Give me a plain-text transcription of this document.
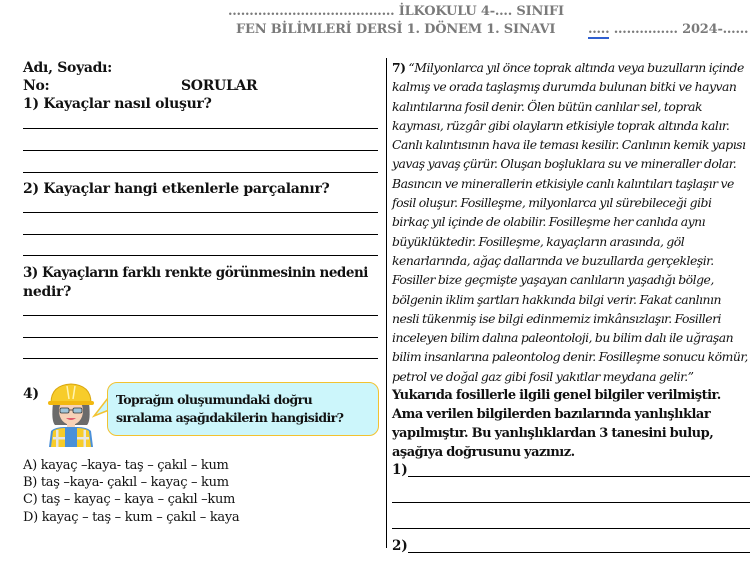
………………………………… İLKOKULU 4-…. SINIFI
FEN BİLİMLERİ DERSİ 1. DÖNEM 1. SINAVI	….. …………… 2024-……
Adı, Soyadı:
No:	SORULAR
1) Kayaçlar nasıl oluşur?
2) Kayaçlar hangi etkenlerle parçalanır?
3) Kayaçların farklı renkte görünmesinin nedeni
nedir?
4)	Toprağın oluşumundaki doğru
sıralama aşağıdakilerin hangisidir?
A) kayaç –kaya- taş – çakıl – kum
B) taş –kaya- çakıl – kayaç – kum
C) taş – kayaç – kaya – çakıl –kum
D) kayaç – taş – kum – çakıl – kaya
7) “Milyonlarca yıl önce toprak altında veya buzulların içinde kalmış ve orada taşlaşmış durumda bulunan bitki ve hayvan kalıntılarına fosil denir. Ölen bütün canlılar sel, toprak kayması, rüzgâr gibi olayların etkisiyle toprak altında kalır. Canlı kalıntısının hava ile teması kesilir. Canlının kemik yapısı yavaş yavaş çürür. Oluşan boşluklara su ve mineraller dolar. Basıncın ve minerallerin etkisiyle canlı kalıntıları taşlaşır ve fosil oluşur. Fosilleşme, milyonlarca yıl sürebileceği gibi birkaç yıl içinde de olabilir. Fosilleşme her canlıda aynı büyüklüktedir. Fosilleşme, kayaçların arasında, göl kenarlarında, ağaç dallarında ve buzullarda gerçekleşir. Fosiller bize geçmişte yaşayan canlıların yaşadığı bölge, bölgenin iklim şartları hakkında bilgi verir. Fakat canlının nesli tükenmiş ise bilgi edinmemiz imkânsızlaşır. Fosilleri inceleyen bilim dalına paleontoloji, bu bilim dalı ile uğraşan bilim insanlarına paleontolog denir. Fosilleşme sonucu kömür, petrol ve doğal gaz gibi fosil yakıtlar meydana gelir.”
Yukarıda fosillerle ilgili genel bilgiler verilmiştir. Ama verilen bilgilerden bazılarında yanlışlıklar yapılmıştır. Bu yanlışlıklardan 3 tanesini bulup, aşağıya doğrusunu yazınız.
1)
2)
